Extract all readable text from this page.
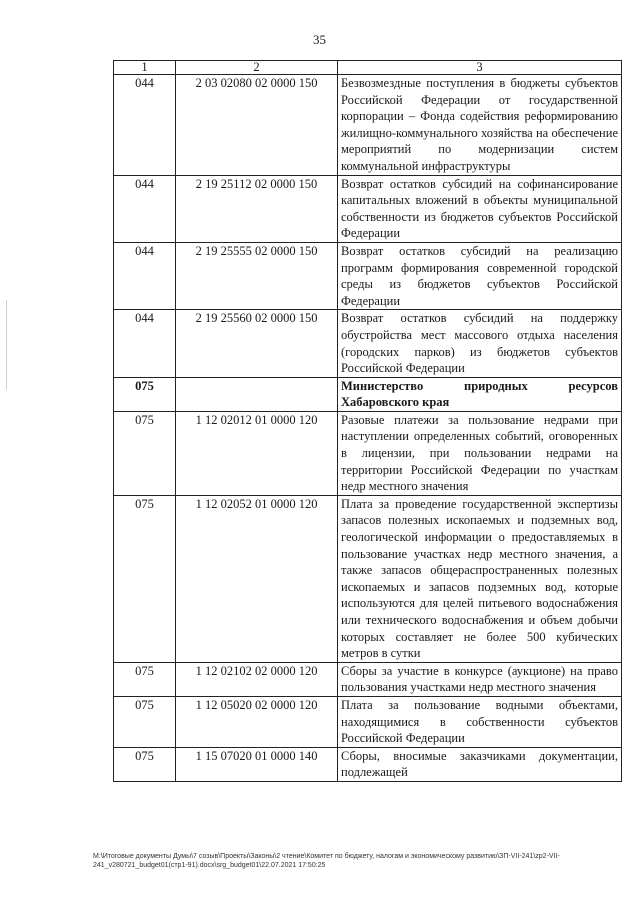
35
1	2	3
044	2 03 02080 02 0000 150	Безвозмездные поступления в бюджеты субъектов Российской Федерации от государственной корпорации – Фонда содействия реформированию жилищно-коммунального хозяйства на обеспечение мероприятий по модернизации систем коммунальной инфраструктуры
044	2 19 25112 02 0000 150	Возврат остатков субсидий на софинансирование капитальных вложений в объекты муниципальной собственности из бюджетов субъектов Российской Федерации
044	2 19 25555 02 0000 150	Возврат остатков субсидий на реализацию программ формирования современной городской среды из бюджетов субъектов Российской Федерации
044	2 19 25560 02 0000 150	Возврат остатков субсидий на поддержку обустройства мест массового отдыха населения (городских парков) из бюджетов субъектов Российской Федерации
075		Министерство природных ресурсов Хабаровского края
075	1 12 02012 01 0000 120	Разовые платежи за пользование недрами при наступлении определенных событий, оговоренных в лицензии, при пользовании недрами на территории Российской Федерации по участкам недр местного значения
075	1 12 02052 01 0000 120	Плата за проведение государственной экспертизы запасов полезных ископаемых и подземных вод, геологической информации о предоставляемых в пользование участках недр местного значения, а также запасов общераспространенных полезных ископаемых и запасов подземных вод, которые используются для целей питьевого водоснабжения или технического водоснабжения и объем добычи которых составляет не более 500 кубических метров в сутки
075	1 12 02102 02 0000 120	Сборы за участие в конкурсе (аукционе) на право пользования участками недр местного значения
075	1 12 05020 02 0000 120	Плата за пользование водными объектами, находящимися в собственности субъектов Российской Федерации
075	1 15 07020 01 0000 140	Сборы, вносимые заказчиками документации, подлежащей
М:\Итоговые документы Думы\7 созыв\Проекты\Законы\2 чтение\Комитет по бюджету, налогам и экономическому развитию\ЗП-VII-241\zp2-VII-241_v280721_budget01(стр1-91).docx\srg_budget01\22.07.2021 17:50:25
